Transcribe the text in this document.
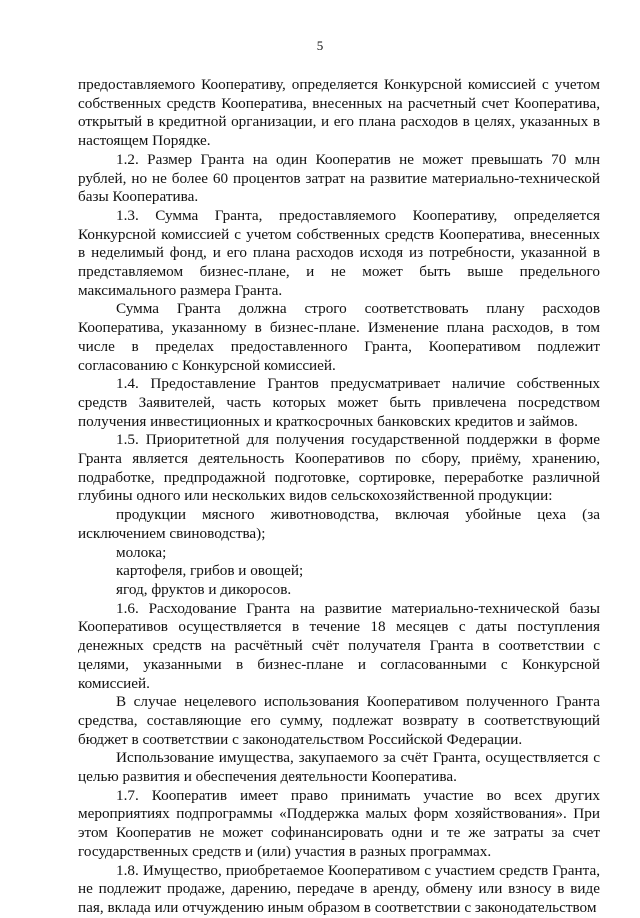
5

предоставляемого Кооперативу, определяется Конкурсной комиссией с учетом собственных средств Кооператива, внесенных на расчетный счет Кооператива, открытый в кредитной организации, и его плана расходов в целях, указанных в настоящем Порядке.

1.2. Размер Гранта на один Кооператив не может превышать 70 млн рублей, но не более 60 процентов затрат на развитие материально-технической базы Кооператива.

1.3. Сумма Гранта, предоставляемого Кооперативу, определяется Конкурсной комиссией с учетом собственных средств Кооператива, внесенных в неделимый фонд, и его плана расходов исходя из потребности, указанной в представляемом бизнес-плане, и не может быть выше предельного максимального размера Гранта.

Сумма Гранта должна строго соответствовать плану расходов Кооператива, указанному в бизнес-плане. Изменение плана расходов, в том числе в пределах предоставленного Гранта, Кооперативом подлежит согласованию с Конкурсной комиссией.

1.4. Предоставление Грантов предусматривает наличие собственных средств Заявителей, часть которых может быть привлечена посредством получения инвестиционных и краткосрочных банковских кредитов и займов.

1.5. Приоритетной для получения государственной поддержки в форме Гранта является деятельность Кооперативов по сбору, приёму, хранению, подработке, предпродажной подготовке, сортировке, переработке различной глубины одного или нескольких видов сельскохозяйственной продукции:

продукции мясного животноводства, включая убойные цеха (за исключением свиноводства);

молока;

картофеля, грибов и овощей;

ягод, фруктов и дикоросов.

1.6. Расходование Гранта на развитие материально-технической базы Кооперативов осуществляется в течение 18 месяцев с даты поступления денежных средств на расчётный счёт получателя Гранта в соответствии с целями, указанными в бизнес-плане и согласованными с Конкурсной комиссией.

В случае нецелевого использования Кооперативом полученного Гранта средства, составляющие его сумму, подлежат возврату в соответствующий бюджет в соответствии с законодательством Российской Федерации.

Использование имущества, закупаемого за счёт Гранта, осуществляется с целью развития и обеспечения деятельности Кооператива.

1.7. Кооператив имеет право принимать участие во всех других мероприятиях подпрограммы «Поддержка малых форм хозяйствования». При этом Кооператив не может софинансировать одни и те же затраты за счет государственных средств и (или) участия в разных программах.

1.8. Имущество, приобретаемое Кооперативом с участием средств Гранта, не подлежит продаже, дарению, передаче в аренду, обмену или взносу в виде пая, вклада или отчуждению иным образом в соответствии с законодательством
